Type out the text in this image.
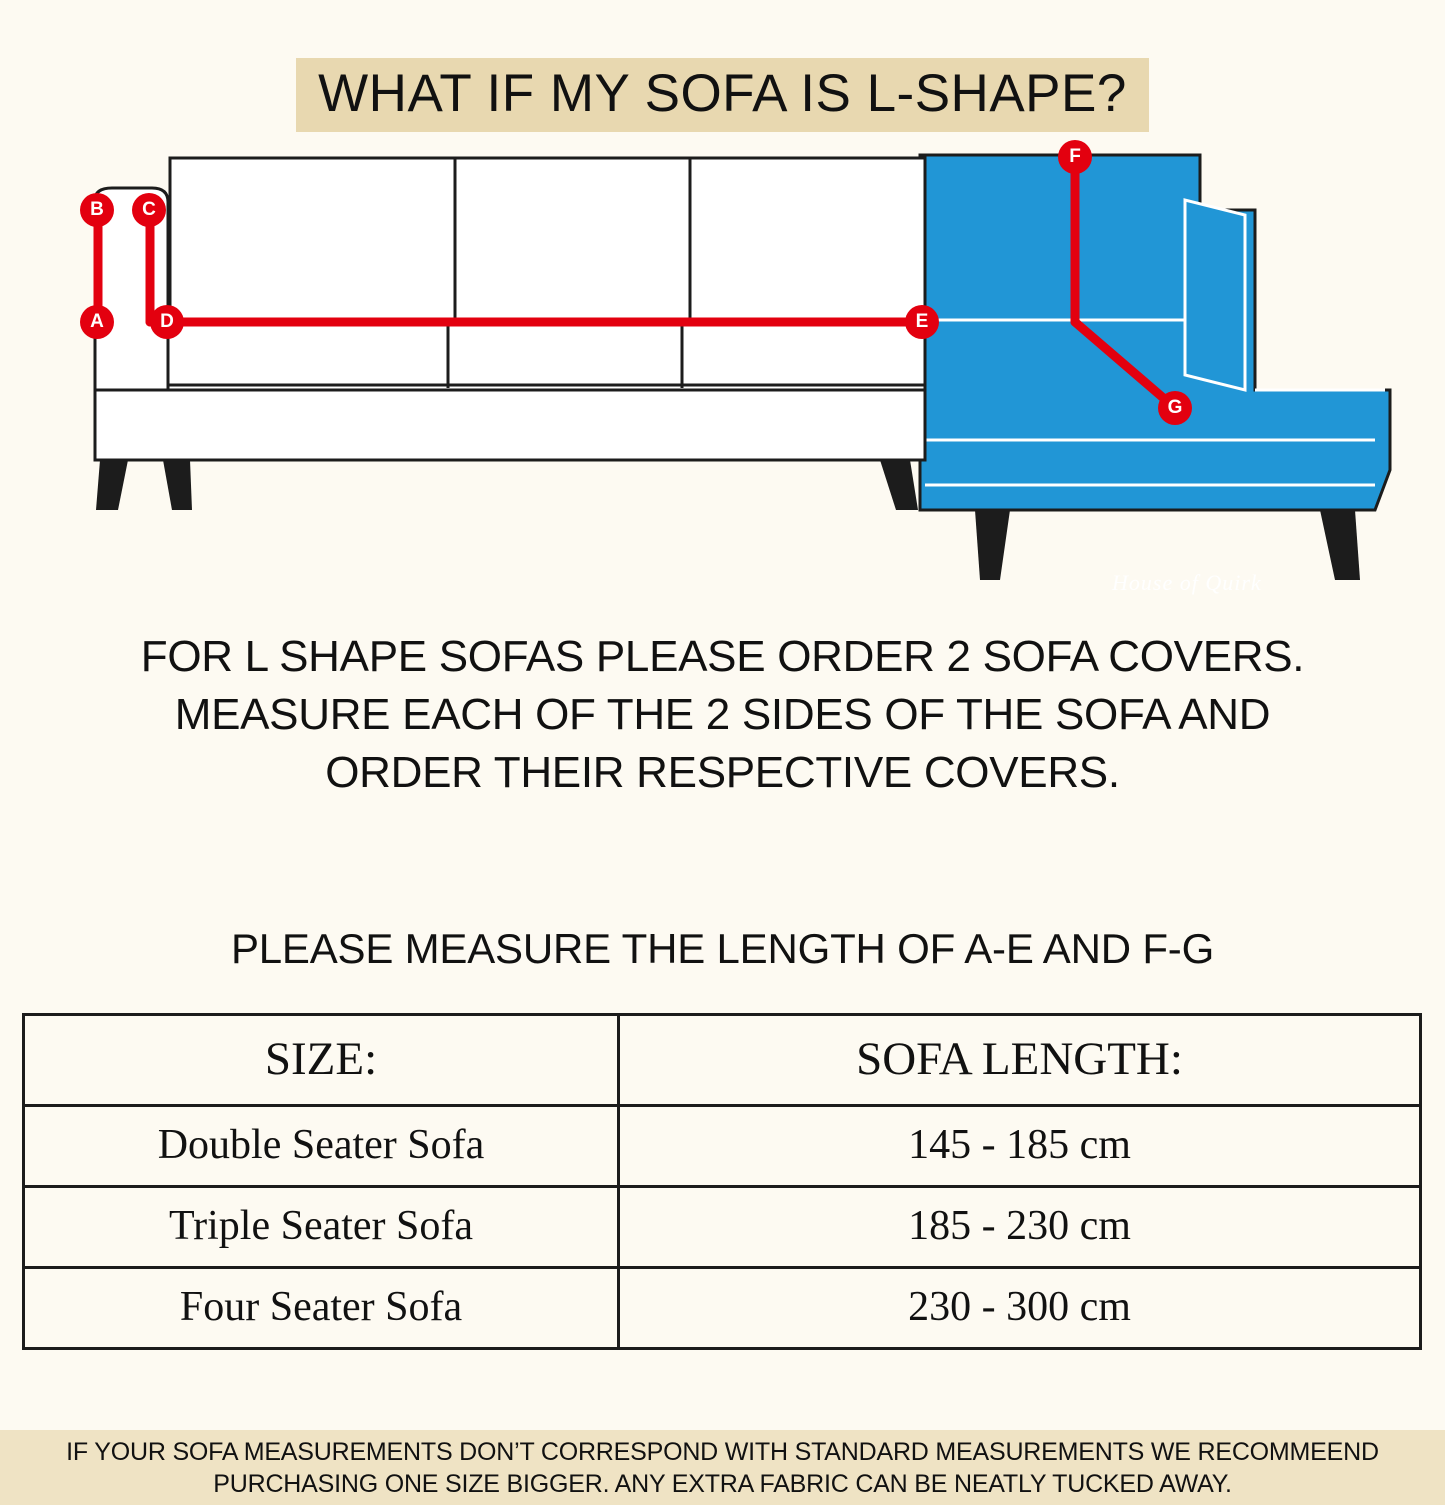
WHAT IF MY SOFA IS L-SHAPE?
House of Quirk
B	C
A	D	E
F
G
FOR L SHAPE SOFAS PLEASE ORDER 2 SOFA COVERS.
MEASURE EACH OF THE 2 SIDES OF THE SOFA AND
ORDER THEIR RESPECTIVE COVERS.
PLEASE MEASURE THE LENGTH OF A-E AND F-G
SIZE:	SOFA LENGTH:
Double Seater Sofa	145 - 185 cm
Triple Seater Sofa	185 - 230 cm
Four Seater Sofa	230 - 300 cm
IF YOUR SOFA MEASUREMENTS DON’T CORRESPOND WITH STANDARD MEASUREMENTS WE RECOMMEEND
PURCHASING ONE SIZE BIGGER. ANY EXTRA FABRIC CAN BE NEATLY TUCKED AWAY.
